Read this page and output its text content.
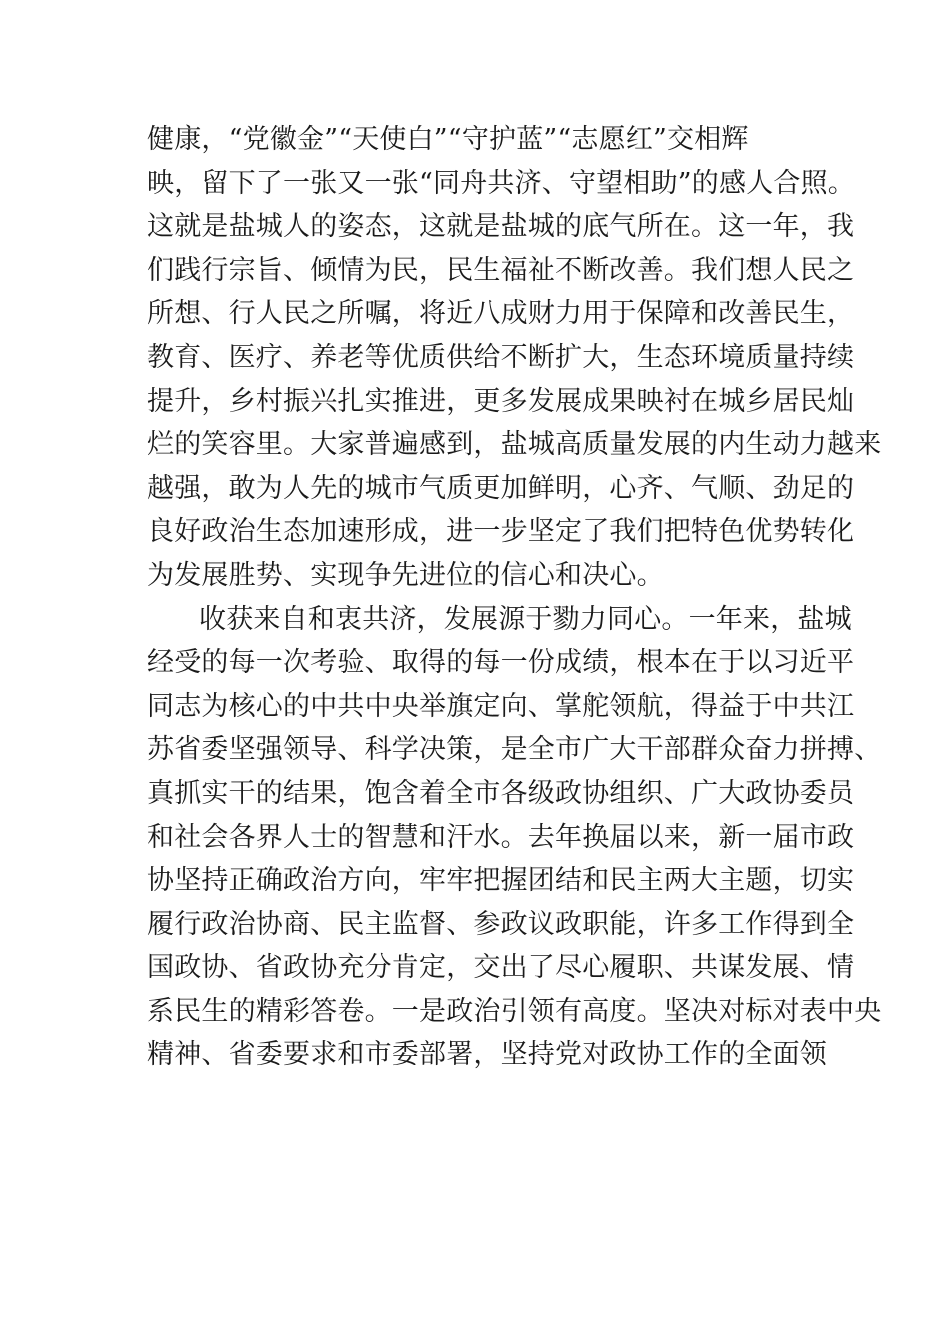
健康，“党徽金”“天使白”“守护蓝”“志愿红”交相辉
映，留下了一张又一张“同舟共济、守望相助”的感人合照。
这就是盐城人的姿态，这就是盐城的底气所在。这一年，我
们践行宗旨、倾情为民，民生福祉不断改善。我们想人民之
所想、行人民之所嘱，将近八成财力用于保障和改善民生，
教育、医疗、养老等优质供给不断扩大，生态环境质量持续
提升，乡村振兴扎实推进，更多发展成果映衬在城乡居民灿
烂的笑容里。大家普遍感到，盐城高质量发展的内生动力越来
越强，敢为人先的城市气质更加鲜明，心齐、气顺、劲足的
良好政治生态加速形成，进一步坚定了我们把特色优势转化
为发展胜势、实现争先进位的信心和决心。
收获来自和衷共济，发展源于勠力同心。一年来，盐城
经受的每一次考验、取得的每一份成绩，根本在于以习近平
同志为核心的中共中央举旗定向、掌舵领航，得益于中共江
苏省委坚强领导、科学决策，是全市广大干部群众奋力拼搏、
真抓实干的结果，饱含着全市各级政协组织、广大政协委员
和社会各界人士的智慧和汗水。去年换届以来，新一届市政
协坚持正确政治方向，牢牢把握团结和民主两大主题，切实
履行政治协商、民主监督、参政议政职能，许多工作得到全
国政协、省政协充分肯定，交出了尽心履职、共谋发展、情
系民生的精彩答卷。一是政治引领有高度。坚决对标对表中央
精神、省委要求和市委部署，坚持党对政协工作的全面领
